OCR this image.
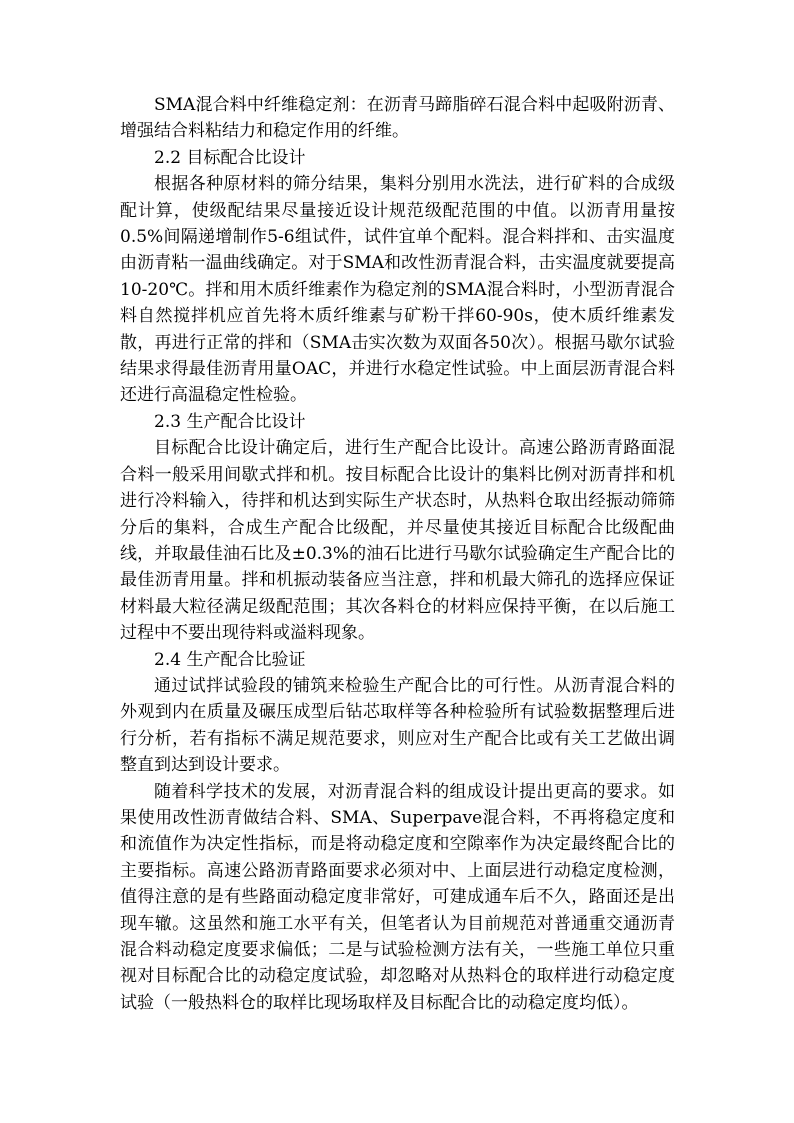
SMA混合料中纤维稳定剂：在沥青马蹄脂碎石混合料中起吸附沥青、增强结合料粘结力和稳定作用的纤维。

2.2 目标配合比设计

根据各种原材料的筛分结果，集料分别用水洗法，进行矿料的合成级配计算，使级配结果尽量接近设计规范级配范围的中值。以沥青用量按0.5%间隔递增制作5-6组试件，试件宜单个配料。混合料拌和、击实温度由沥青粘一温曲线确定。对于SMA和改性沥青混合料，击实温度就要提高10-20℃。拌和用木质纤维素作为稳定剂的SMA混合料时，小型沥青混合料自然搅拌机应首先将木质纤维素与矿粉干拌60-90s，使木质纤维素发散，再进行正常的拌和（SMA击实次数为双面各50次）。根据马歇尔试验结果求得最佳沥青用量OAC，并进行水稳定性试验。中上面层沥青混合料还进行高温稳定性检验。

2.3 生产配合比设计

目标配合比设计确定后，进行生产配合比设计。高速公路沥青路面混合料一般采用间歇式拌和机。按目标配合比设计的集料比例对沥青拌和机进行冷料输入，待拌和机达到实际生产状态时，从热料仓取出经振动筛筛分后的集料，合成生产配合比级配，并尽量使其接近目标配合比级配曲线，并取最佳油石比及±0.3%的油石比进行马歇尔试验确定生产配合比的最佳沥青用量。拌和机振动装备应当注意，拌和机最大筛孔的选择应保证材料最大粒径满足级配范围；其次各料仓的材料应保持平衡，在以后施工过程中不要出现待料或溢料现象。

2.4 生产配合比验证

通过试拌试验段的铺筑来检验生产配合比的可行性。从沥青混合料的外观到内在质量及碾压成型后钻芯取样等各种检验所有试验数据整理后进行分析，若有指标不满足规范要求，则应对生产配合比或有关工艺做出调整直到达到设计要求。

随着科学技术的发展，对沥青混合料的组成设计提出更高的要求。如果使用改性沥青做结合料、SMA、Superpave混合料，不再将稳定度和和流值作为决定性指标，而是将动稳定度和空隙率作为决定最终配合比的主要指标。高速公路沥青路面要求必须对中、上面层进行动稳定度检测，值得注意的是有些路面动稳定度非常好，可建成通车后不久，路面还是出现车辙。这虽然和施工水平有关，但笔者认为目前规范对普通重交通沥青混合料动稳定度要求偏低；二是与试验检测方法有关，一些施工单位只重视对目标配合比的动稳定度试验，却忽略对从热料仓的取样进行动稳定度试验（一般热料仓的取样比现场取样及目标配合比的动稳定度均低）。
